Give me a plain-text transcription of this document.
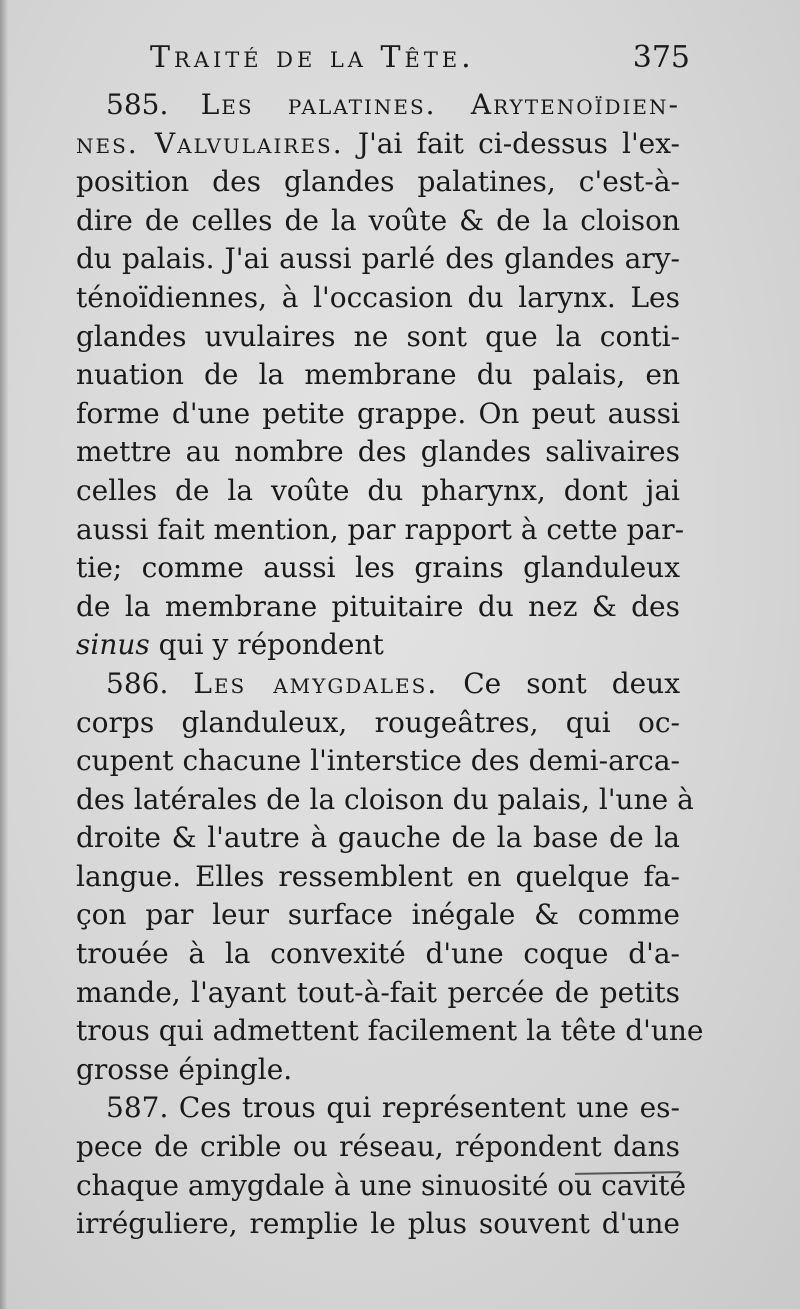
Traité de la Tête.	375
585. Les palatines. Arytenoïdien-
nes. Valvulaires. J'ai fait ci-dessus l'ex-
position des glandes palatines, c'est-à-
dire de celles de la voûte & de la cloison
du palais. J'ai aussi parlé des glandes ary-
ténoïdiennes, à l'occasion du larynx. Les
glandes uvulaires ne sont que la conti-
nuation de la membrane du palais, en
forme d'une petite grappe. On peut aussi
mettre au nombre des glandes salivaires
celles de la voûte du pharynx, dont jai
aussi fait mention, par rapport à cette par-
tie; comme aussi les grains glanduleux
de la membrane pituitaire du nez & des
sinus qui y répondent
586. Les amygdales. Ce sont deux
corps glanduleux, rougeâtres, qui oc-
cupent chacune l'interstice des demi-arca-
des latérales de la cloison du palais, l'une à
droite & l'autre à gauche de la base de la
langue. Elles ressemblent en quelque fa-
çon par leur surface inégale & comme
trouée à la convexité d'une coque d'a-
mande, l'ayant tout-à-fait percée de petits
trous qui admettent facilement la tête d'une
grosse épingle.
587. Ces trous qui représentent une es-
pece de crible ou réseau, répondent dans
chaque amygdale à une sinuosité ou cavité
irréguliere, remplie le plus souvent d'une
